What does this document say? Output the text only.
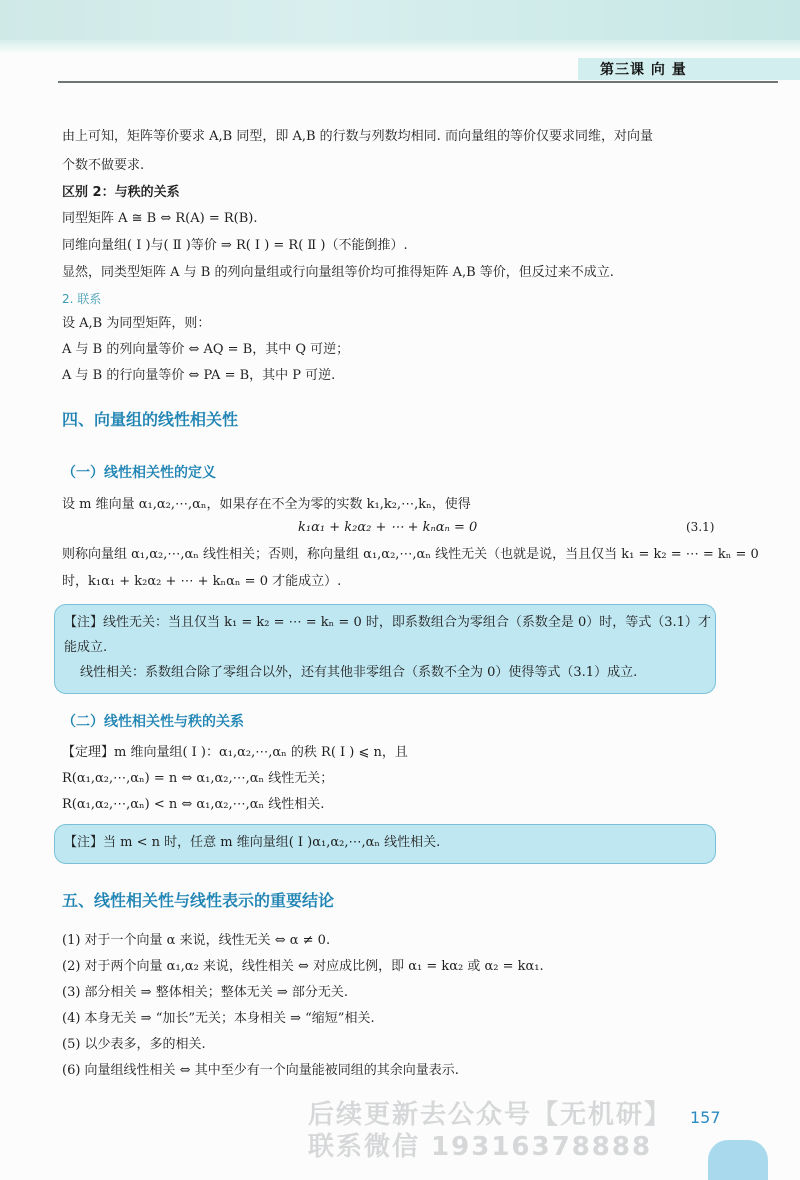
第三课 向 量
由上可知，矩阵等价要求 A,B 同型，即 A,B 的行数与列数均相同. 而向量组的等价仅要求同维，对向量
个数不做要求.
区别 2：与秩的关系
同型矩阵 A ≅ B ⇔ R(A) = R(B).
同维向量组( Ⅰ )与( Ⅱ )等价 ⇒ R( Ⅰ ) = R( Ⅱ )（不能倒推）.
显然，同类型矩阵 A 与 B 的列向量组或行向量组等价均可推得矩阵 A,B 等价，但反过来不成立.
2. 联系
设 A,B 为同型矩阵，则：
A 与 B 的列向量等价 ⇔ AQ = B，其中 Q 可逆；
A 与 B 的行向量等价 ⇔ PA = B，其中 P 可逆.
四、向量组的线性相关性
（一）线性相关性的定义
设 m 维向量 α₁,α₂,⋯,αₙ，如果存在不全为零的实数 k₁,k₂,⋯,kₙ，使得
k₁α₁ + k₂α₂ + ⋯ + kₙαₙ = 0	(3.1)
则称向量组 α₁,α₂,⋯,αₙ 线性相关；否则，称向量组 α₁,α₂,⋯,αₙ 线性无关（也就是说，当且仅当 k₁ = k₂ = ⋯ = kₙ = 0
时，k₁α₁ + k₂α₂ + ⋯ + kₙαₙ = 0 才能成立）.
【注】线性无关：当且仅当 k₁ = k₂ = ⋯ = kₙ = 0 时，即系数组合为零组合（系数全是 0）时，等式（3.1）才
能成立.
线性相关：系数组合除了零组合以外，还有其他非零组合（系数不全为 0）使得等式（3.1）成立.
（二）线性相关性与秩的关系
【定理】m 维向量组( Ⅰ )：α₁,α₂,⋯,αₙ 的秩 R( Ⅰ ) ⩽ n，且
R(α₁,α₂,⋯,αₙ) = n ⇔ α₁,α₂,⋯,αₙ 线性无关；
R(α₁,α₂,⋯,αₙ) < n ⇔ α₁,α₂,⋯,αₙ 线性相关.
【注】当 m < n 时，任意 m 维向量组( Ⅰ )α₁,α₂,⋯,αₙ 线性相关.
五、线性相关性与线性表示的重要结论
(1) 对于一个向量 α 来说，线性无关 ⇔ α ≠ 0.
(2) 对于两个向量 α₁,α₂ 来说，线性相关 ⇔ 对应成比例，即 α₁ = kα₂ 或 α₂ = kα₁.
(3) 部分相关 ⇒ 整体相关；整体无关 ⇒ 部分无关.
(4) 本身无关 ⇒ “加长”无关；本身相关 ⇒ “缩短”相关.
(5) 以少表多，多的相关.
(6) 向量组线性相关 ⇔ 其中至少有一个向量能被同组的其余向量表示.
后续更新去公众号【无机研】
联系微信 19316378888
157
